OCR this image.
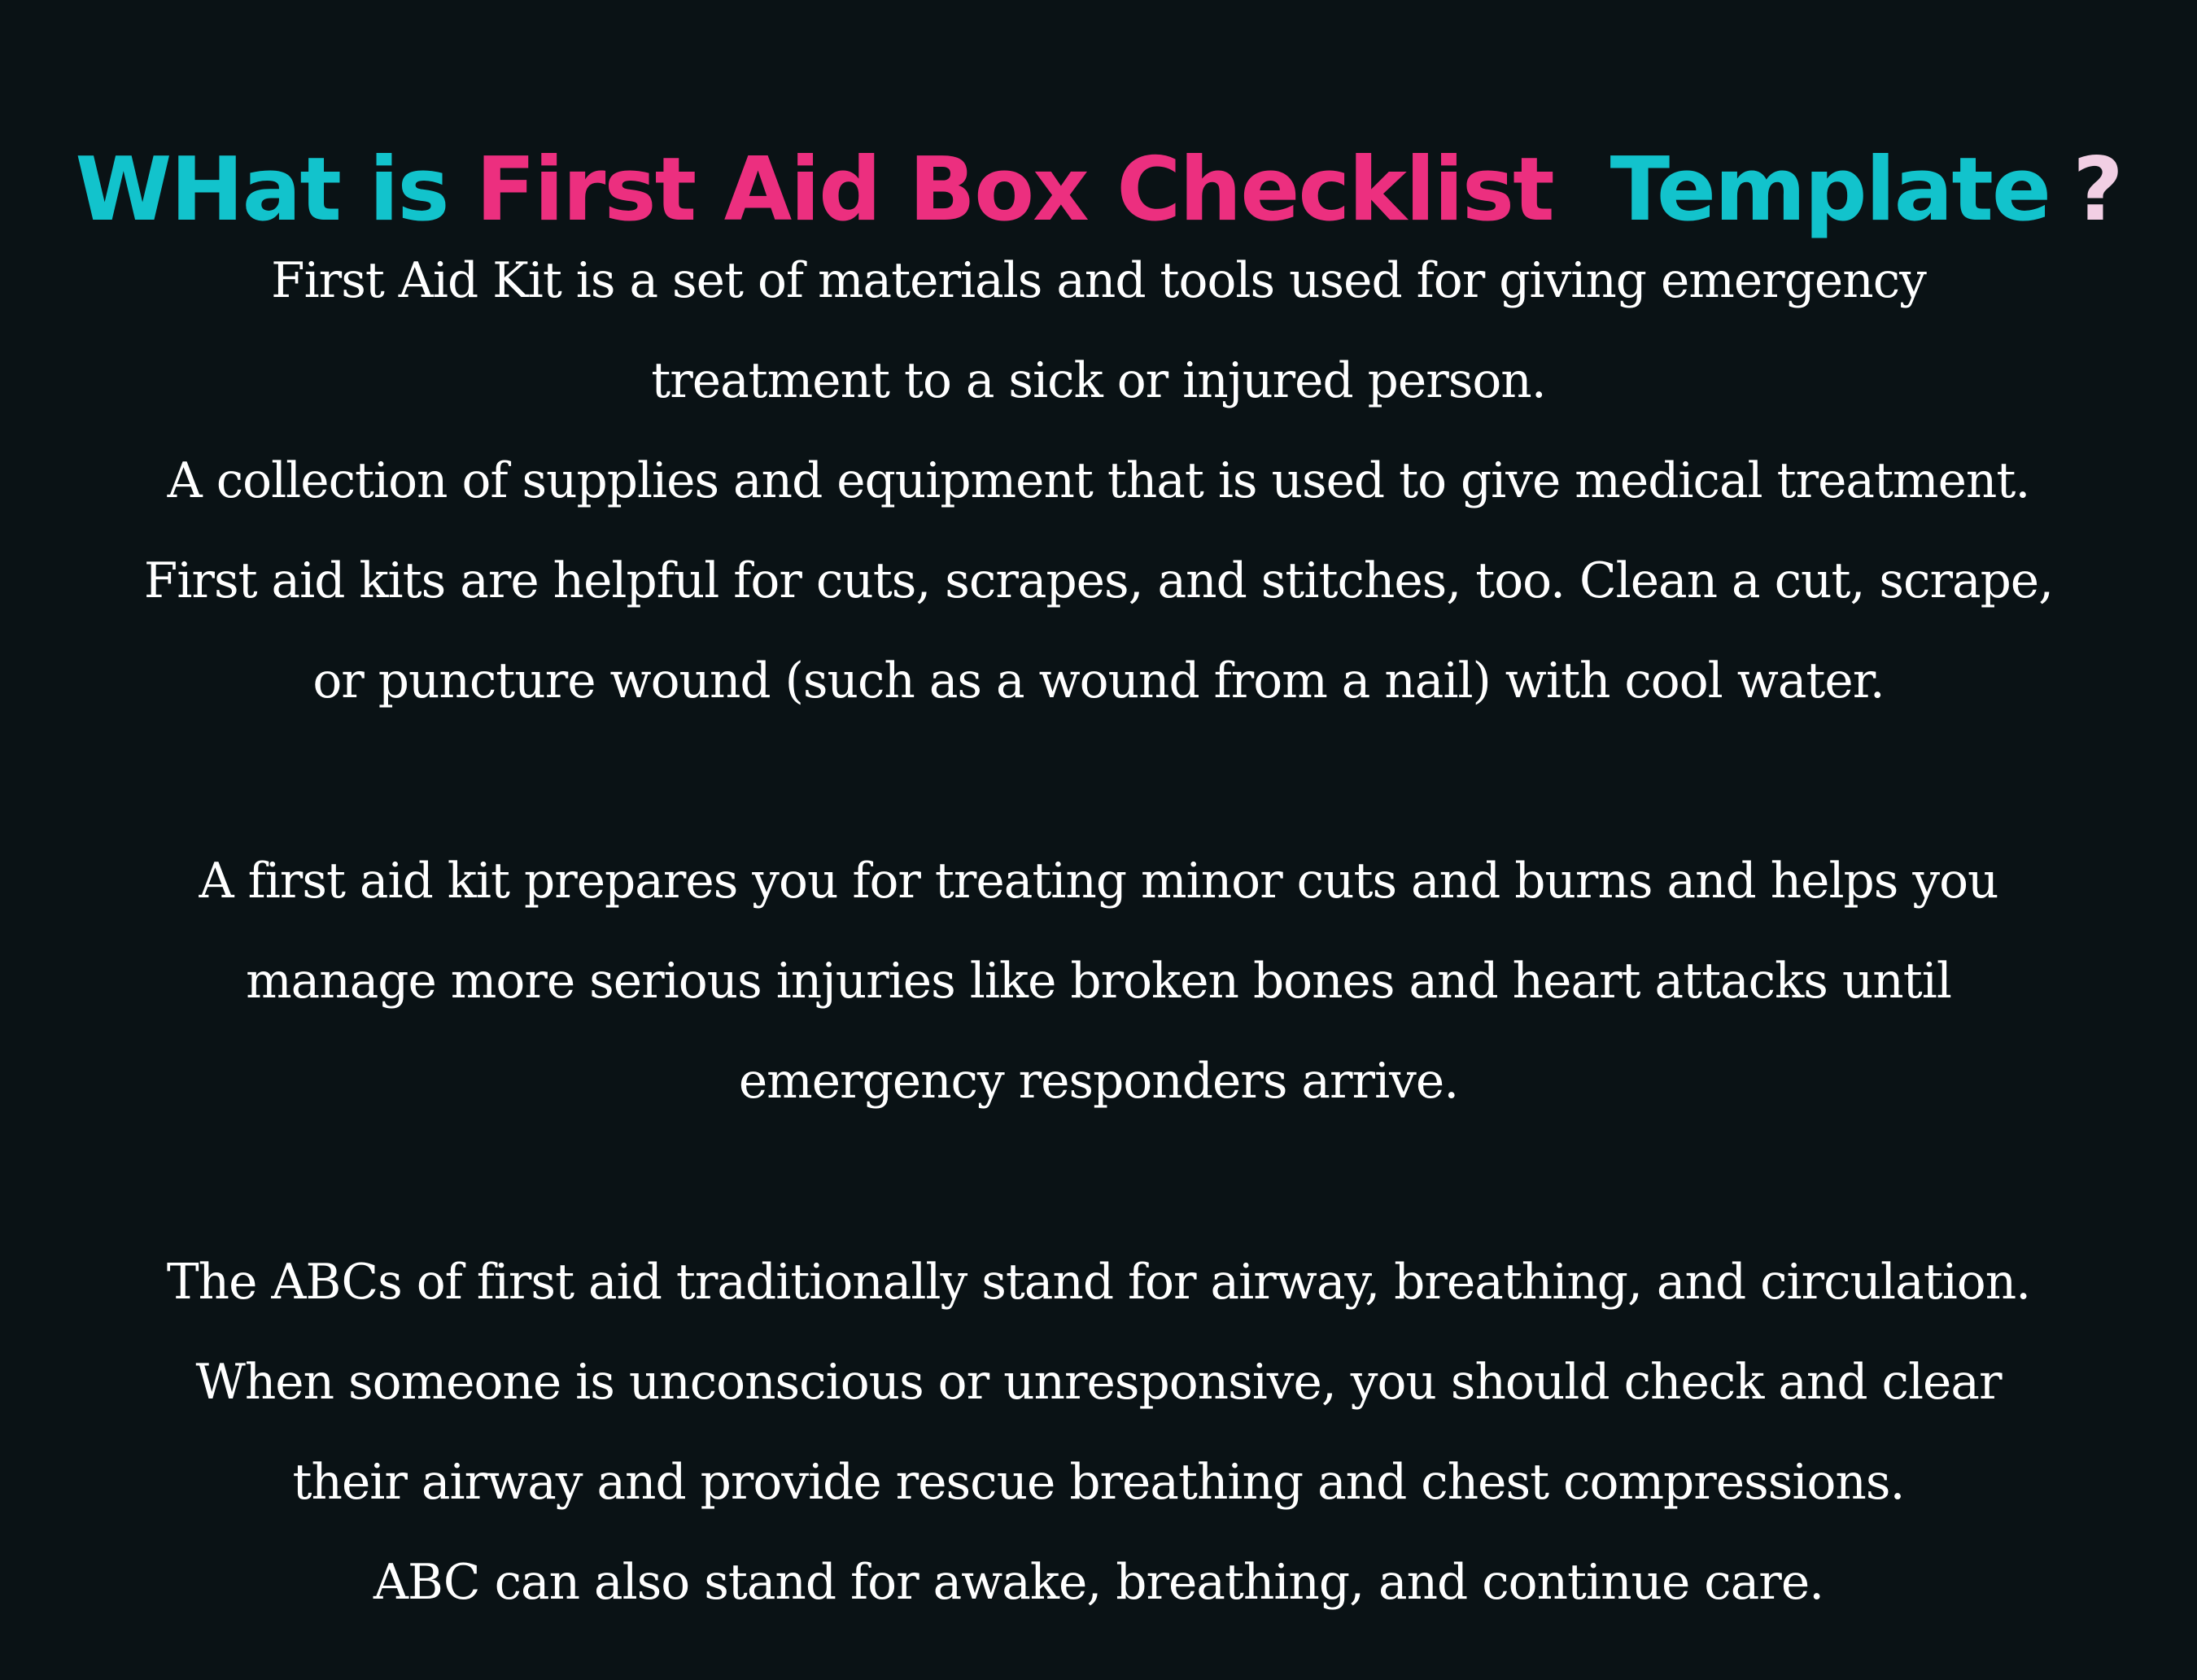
WHat is First Aid Box Checklist Template ?

First Aid Kit is a set of materials and tools used for giving emergency

treatment to a sick or injured person.

A collection of supplies and equipment that is used to give medical treatment.

First aid kits are helpful for cuts, scrapes, and stitches, too. Clean a cut, scrape,

or puncture wound (such as a wound from a nail) with cool water.

A first aid kit prepares you for treating minor cuts and burns and helps you

manage more serious injuries like broken bones and heart attacks until

emergency responders arrive.

The ABCs of first aid traditionally stand for airway, breathing, and circulation.

When someone is unconscious or unresponsive, you should check and clear

their airway and provide rescue breathing and chest compressions.

ABC can also stand for awake, breathing, and continue care.
